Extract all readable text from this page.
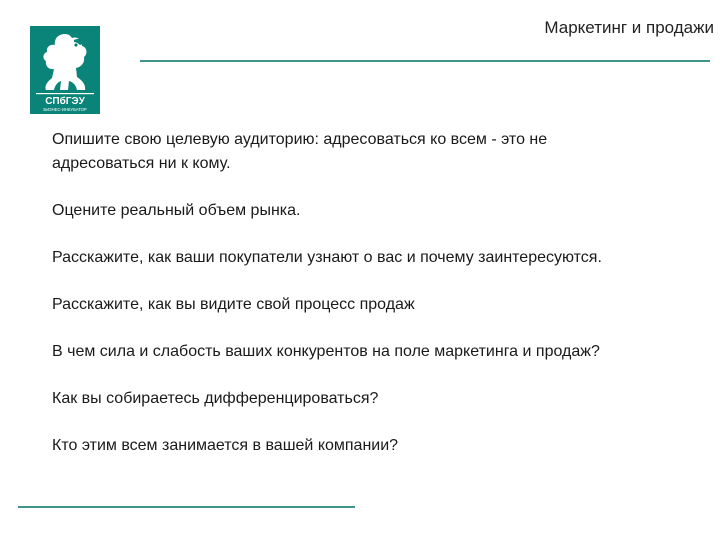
СПбГЭУ
БИЗНЕС-ИНКУБАТОР
Маркетинг и продажи
Опишите свою целевую аудиторию: адресоваться ко всем - это не
адресоваться ни к кому.
Оцените реальный объем рынка.
Расскажите, как ваши покупатели узнают о вас и почему заинтересуются.
Расскажите, как вы видите свой процесс продаж
В чем сила и слабость ваших конкурентов на поле маркетинга и продаж?
Как вы собираетесь дифференцироваться?
Кто этим всем занимается в вашей компании?
